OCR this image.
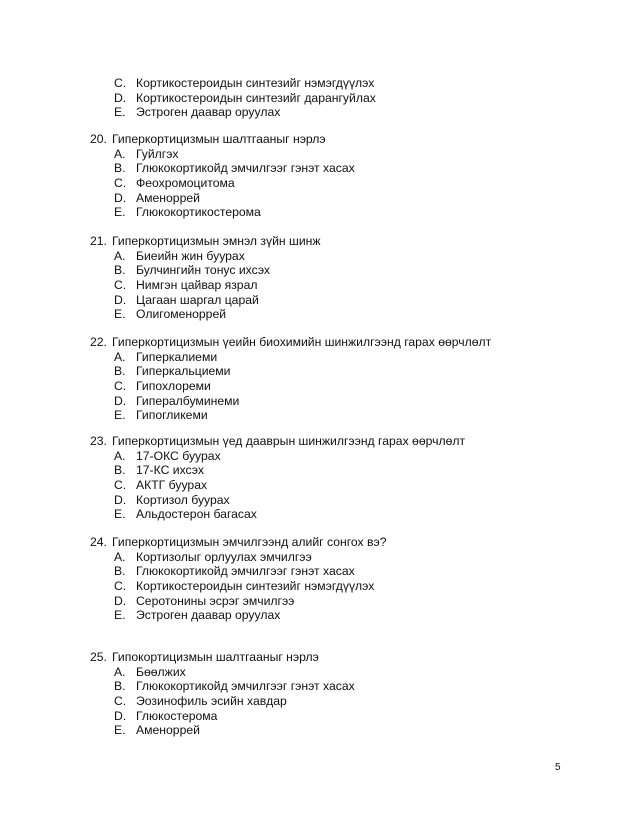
C. Кортикостероидын синтезийг нэмэгдүүлэх
D. Кортикостероидын синтезийг дарангуйлах
E. Эстроген даавар оруулах
20. Гиперкортицизмын шалтгааныг нэрлэ
A. Гуйлгэх
B. Глюкокортикойд эмчилгээг гэнэт хасах
C. Феохромоцитома
D. Аменоррей
E. Глюкокортикостерома
21. Гиперкортицизмын эмнэл зүйн шинж
A. Биеийн жин буурах
B. Булчингийн тонус ихсэх
C. Нимгэн цайвар язрал
D. Цагаан шаргал царай
E. Олигоменоррей
22. Гиперкортицизмын үеийн биохимийн шинжилгээнд гарах өөрчлөлт
A. Гиперкалиеми
B. Гиперкальциеми
C. Гипохлореми
D. Гипералбуминеми
E. Гипогликеми
23. Гиперкортицизмын үед дааврын шинжилгээнд гарах өөрчлөлт
A. 17-ОКС буурах
B. 17-КС ихсэх
C. АКТГ буурах
D. Кортизол буурах
E. Альдостерон багасах
24. Гиперкортицизмын эмчилгээнд алийг сонгох вэ?
A. Кортизолыг орлуулах эмчилгээ
B. Глюкокортикойд эмчилгээг гэнэт хасах
C. Кортикостероидын синтезийг нэмэгдүүлэх
D. Серотонины эсрэг эмчилгээ
E. Эстроген даавар оруулах
25. Гипокортицизмын шалтгааныг нэрлэ
A. Бөөлжих
B. Глюкокортикойд эмчилгээг гэнэт хасах
C. Эозинофиль эсийн хавдар
D. Глюкостерома
E. Аменоррей
5
